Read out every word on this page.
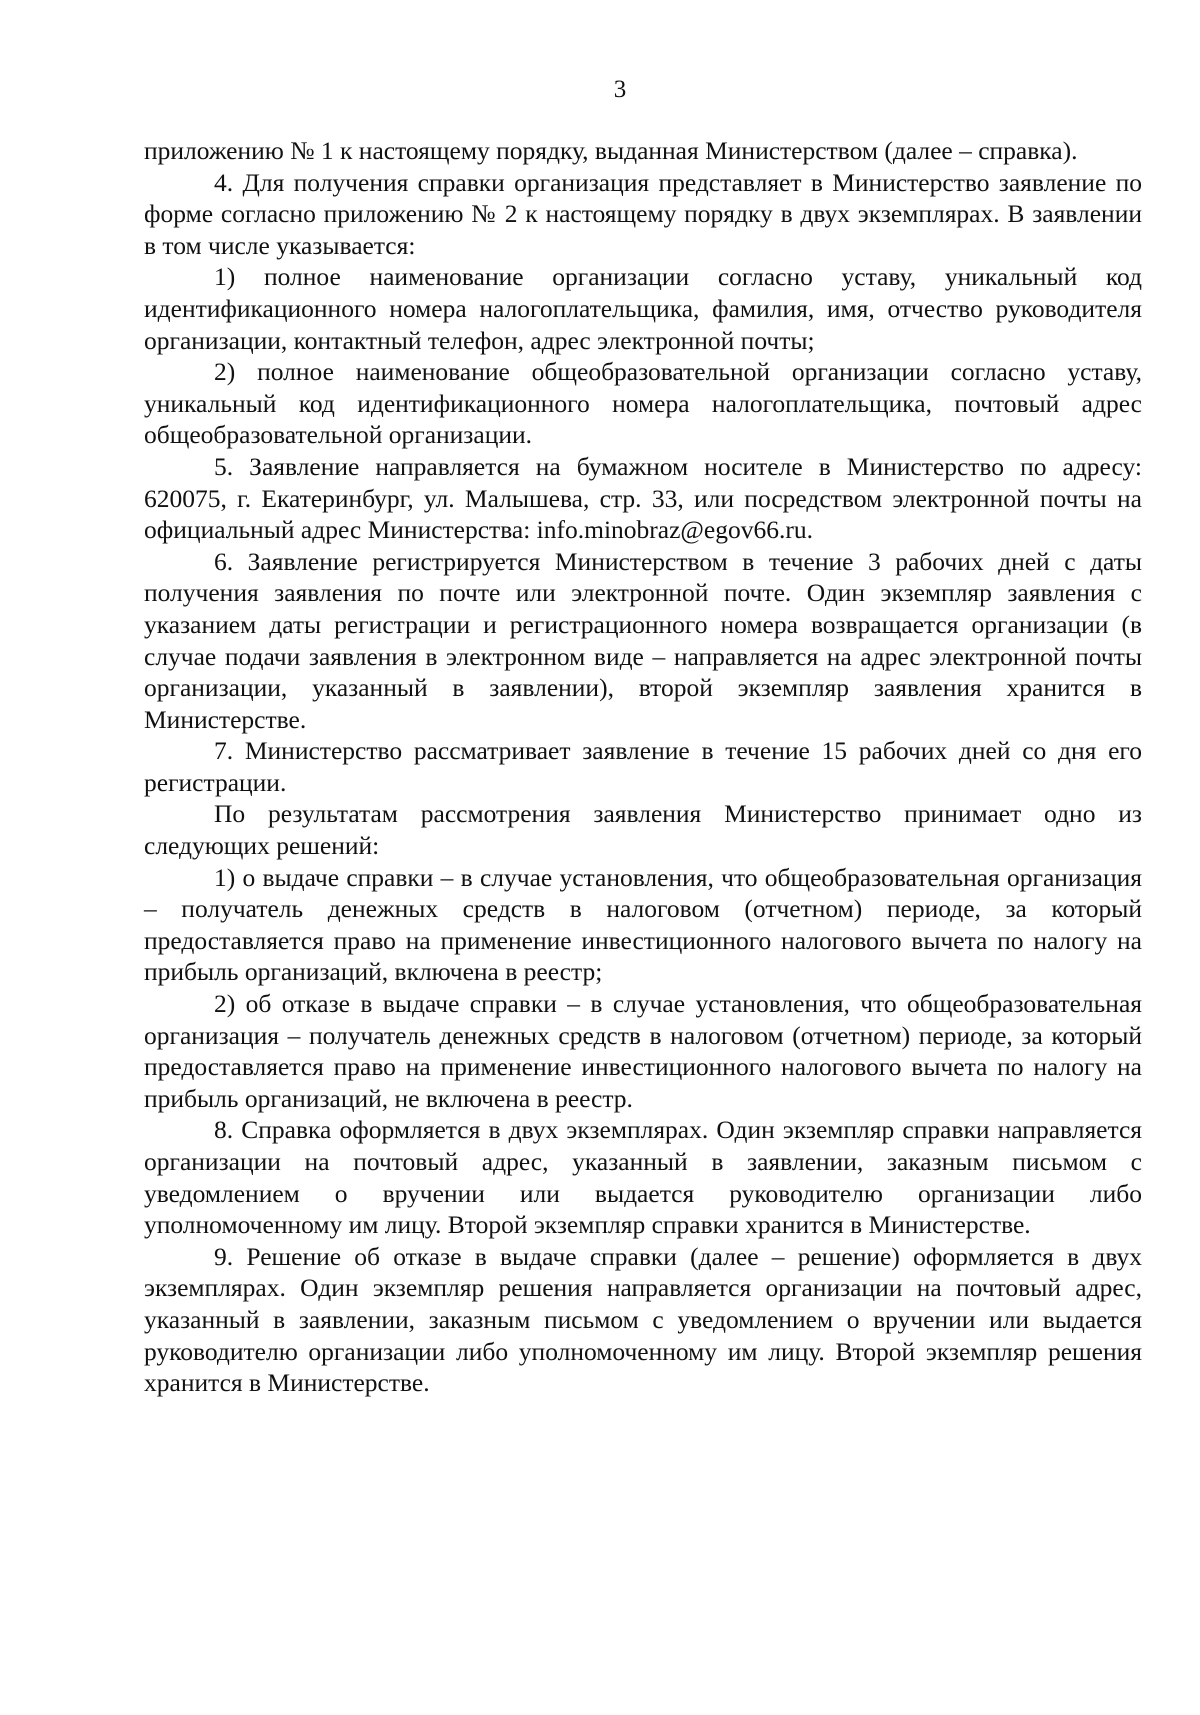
3

приложению № 1 к настоящему порядку, выданная Министерством (далее – справка).

4. Для получения справки организация представляет в Министерство заявление по форме согласно приложению № 2 к настоящему порядку в двух экземплярах. В заявлении в том числе указывается:

1) полное наименование организации согласно уставу, уникальный код идентификационного номера налогоплательщика, фамилия, имя, отчество руководителя организации, контактный телефон, адрес электронной почты;

2) полное наименование общеобразовательной организации согласно уставу, уникальный код идентификационного номера налогоплательщика, почтовый адрес общеобразовательной организации.

5. Заявление направляется на бумажном носителе в Министерство по адресу: 620075, г. Екатеринбург, ул. Малышева, стр. 33, или посредством электронной почты на официальный адрес Министерства: info.minobraz@egov66.ru.

6. Заявление регистрируется Министерством в течение 3 рабочих дней с даты получения заявления по почте или электронной почте. Один экземпляр заявления с указанием даты регистрации и регистрационного номера возвращается организации (в случае подачи заявления в электронном виде – направляется на адрес электронной почты организации, указанный в заявлении), второй экземпляр заявления хранится в Министерстве.

7. Министерство рассматривает заявление в течение 15 рабочих дней со дня его регистрации.

По результатам рассмотрения заявления Министерство принимает одно из следующих решений:

1) о выдаче справки – в случае установления, что общеобразовательная организация – получатель денежных средств в налоговом (отчетном) периоде, за который предоставляется право на применение инвестиционного налогового вычета по налогу на прибыль организаций, включена в реестр;

2) об отказе в выдаче справки – в случае установления, что общеобразовательная организация – получатель денежных средств в налоговом (отчетном) периоде, за который предоставляется право на применение инвестиционного налогового вычета по налогу на прибыль организаций, не включена в реестр.

8. Справка оформляется в двух экземплярах. Один экземпляр справки направляется организации на почтовый адрес, указанный в заявлении, заказным письмом с уведомлением о вручении или выдается руководителю организации либо уполномоченному им лицу. Второй экземпляр справки хранится в Министерстве.

9. Решение об отказе в выдаче справки (далее – решение) оформляется в двух экземплярах. Один экземпляр решения направляется организации на почтовый адрес, указанный в заявлении, заказным письмом с уведомлением о вручении или выдается руководителю организации либо уполномоченному им лицу. Второй экземпляр решения хранится в Министерстве.
